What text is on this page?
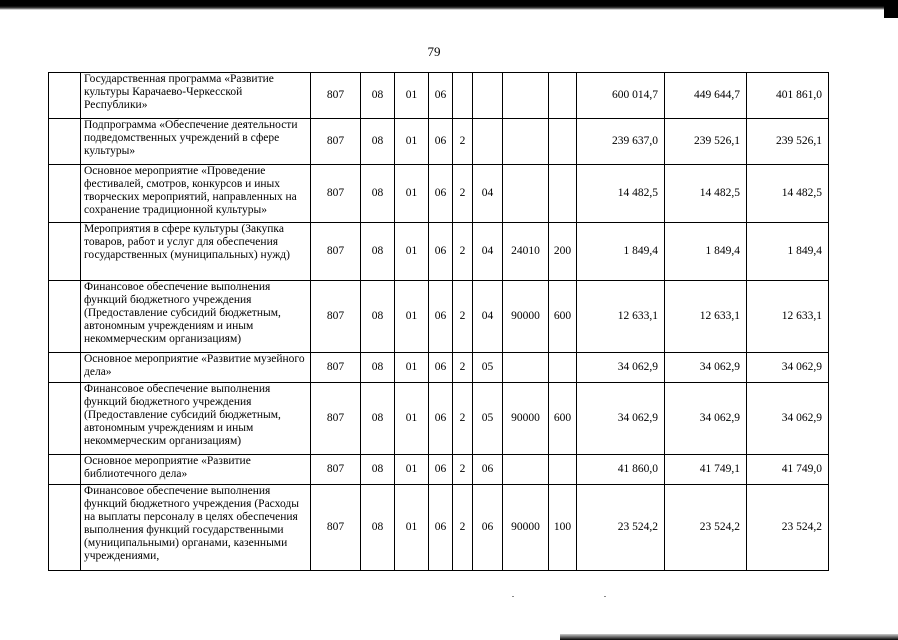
79
	Государственная программа «Развитие культуры Карачаево-Черкесской Республики»	807	08	01	06					600 014,7	449 644,7	401 861,0
	Подпрограмма «Обеспечение деятельности подведомственных учреждений в сфере культуры»	807	08	01	06	2				239 637,0	239 526,1	239 526,1
	Основное мероприятие «Проведение фестивалей, смотров, конкурсов и иных творческих мероприятий, направленных на сохранение традиционной культуры»	807	08	01	06	2	04			14 482,5	14 482,5	14 482,5
	Мероприятия в сфере культуры (Закупка товаров, работ и услуг для обеспечения государственных (муниципальных) нужд)	807	08	01	06	2	04	24010	200	1 849,4	1 849,4	1 849,4
	Финансовое обеспечение выполнения функций бюджетного учреждения (Предоставление субсидий бюджетным, автономным учреждениям и иным некоммерческим организациям)	807	08	01	06	2	04	90000	600	12 633,1	12 633,1	12 633,1
	Основное мероприятие «Развитие музейного дела»	807	08	01	06	2	05			34 062,9	34 062,9	34 062,9
	Финансовое обеспечение выполнения функций бюджетного учреждения (Предоставление субсидий бюджетным, автономным учреждениям и иным некоммерческим организациям)	807	08	01	06	2	05	90000	600	34 062,9	34 062,9	34 062,9
	Основное мероприятие «Развитие библиотечного дела»	807	08	01	06	2	06			41 860,0	41 749,1	41 749,0
	Финансовое обеспечение выполнения функций бюджетного учреждения (Расходы на выплаты персоналу в целях обеспечения выполнения функций государственными (муниципальными) органами, казенными учреждениями,	807	08	01	06	2	06	90000	100	23 524,2	23 524,2	23 524,2
